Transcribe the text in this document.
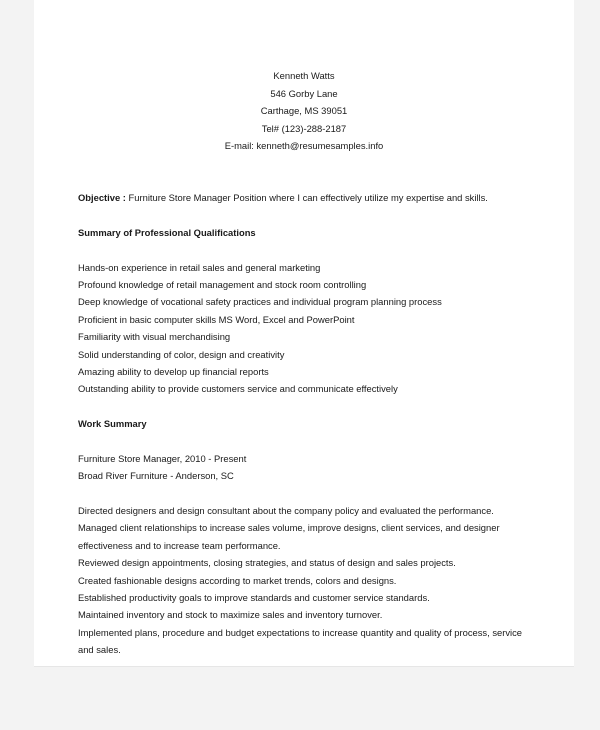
Kenneth Watts
546 Gorby Lane
Carthage, MS 39051
Tel# (123)-288-2187
E-mail: kenneth@resumesamples.info
Objective : Furniture Store Manager Position where I can effectively utilize my expertise and skills.
Summary of Professional Qualifications
Hands-on experience in retail sales and general marketing
Profound knowledge of retail management and stock room controlling
Deep knowledge of vocational safety practices and individual program planning process
Proficient in basic computer skills MS Word, Excel and PowerPoint
Familiarity with visual merchandising
Solid understanding of color, design and creativity
Amazing ability to develop up financial reports
Outstanding ability to provide customers service and communicate effectively
Work Summary
Furniture Store Manager, 2010 - Present
Broad River Furniture - Anderson, SC
Directed designers and design consultant about the company policy and evaluated the performance.
Managed client relationships to increase sales volume, improve designs, client services, and designer
effectiveness and to increase team performance.
Reviewed design appointments, closing strategies, and status of design and sales projects.
Created fashionable designs according to market trends, colors and designs.
Established productivity goals to improve standards and customer service standards.
Maintained inventory and stock to maximize sales and inventory turnover.
Implemented plans, procedure and budget expectations to increase quantity and quality of process, service
and sales.
